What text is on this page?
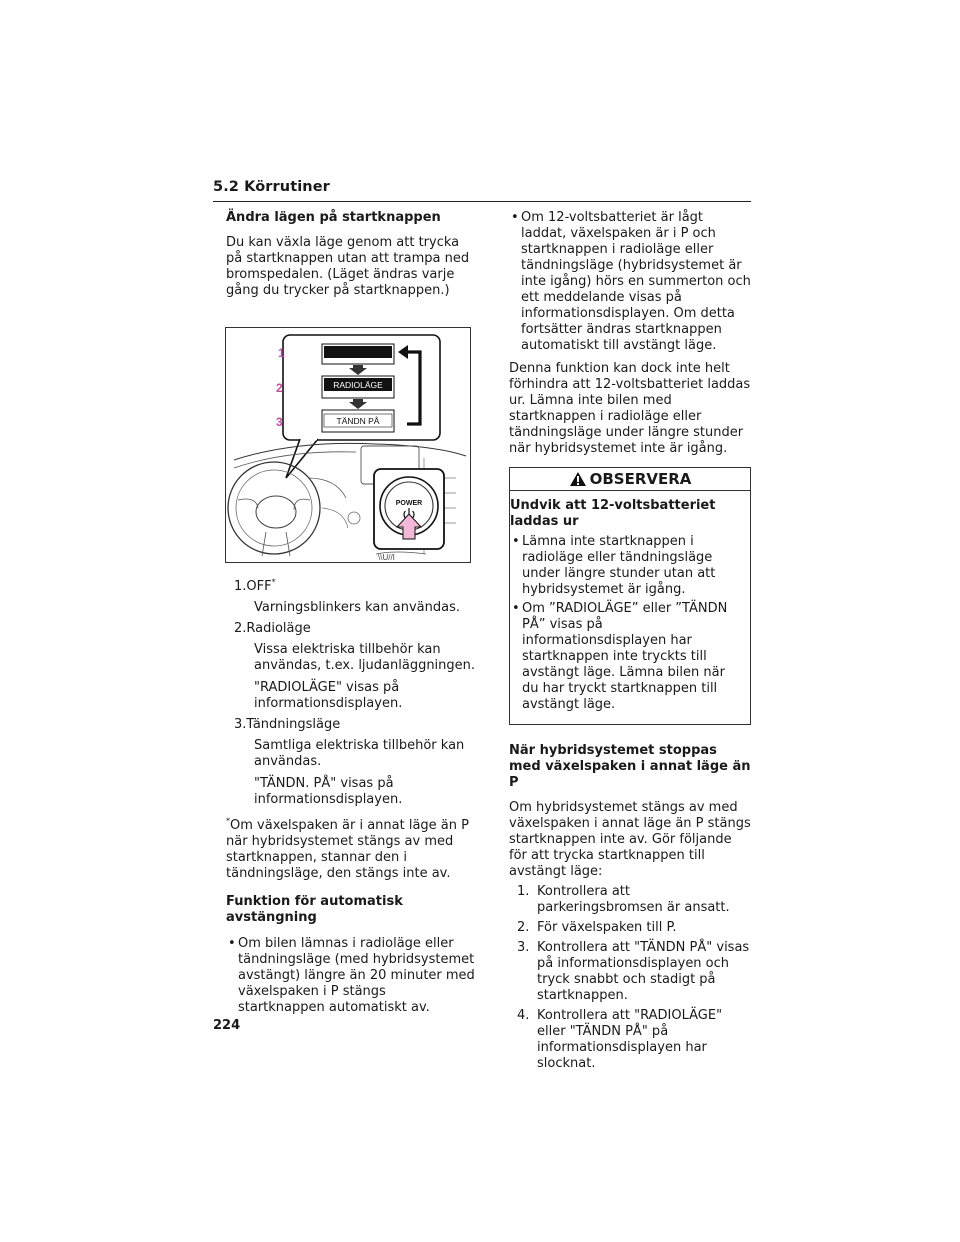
5.2 Körrutiner
Ändra lägen på startknappen
Du kan växla läge genom att trycka på startknappen utan att trampa ned bromspedalen. (Läget ändras varje gång du trycker på startknappen.)
RADIOLÄGE
TÄNDN PÅ
1
2
3
\\U//I
POWER
1.OFF*
Varningsblinkers kan användas.
2.Radioläge
Vissa elektriska tillbehör kan användas, t.ex. ljudanläggningen.
"RADIOLÄGE" visas på informationsdisplayen.
3.Tändningsläge
Samtliga elektriska tillbehör kan användas.
"TÄNDN. PÅ" visas på informationsdisplayen.
*Om växelspaken är i annat läge än P när hybridsystemet stängs av med startknappen, stannar den i tändningsläge, den stängs inte av.
Funktion för automatisk avstängning
• Om bilen lämnas i radioläge eller tändningsläge (med hybridsystemet avstängt) längre än 20 minuter med växelspaken i P stängs startknappen automatiskt av.
• Om 12-voltsbatteriet är lågt laddat, växelspaken är i P och startknappen i radioläge eller tändningsläge (hybridsystemet är inte igång) hörs en summerton och ett meddelande visas på informationsdisplayen. Om detta fortsätter ändras startknappen automatiskt till avstängt läge.
Denna funktion kan dock inte helt förhindra att 12-voltsbatteriet laddas ur. Lämna inte bilen med startknappen i radioläge eller tändningsläge under längre stunder när hybridsystemet inte är igång.
OBSERVERA
Undvik att 12-voltsbatteriet laddas ur
• Lämna inte startknappen i radioläge eller tändningsläge under längre stunder utan att hybridsystemet är igång.
• Om ”RADIOLÄGE” eller ”TÄNDN PÅ” visas på informationsdisplayen har startknappen inte tryckts till avstängt läge. Lämna bilen när du har tryckt startknappen till avstängt läge.
När hybridsystemet stoppas med växelspaken i annat läge än P
Om hybridsystemet stängs av med växelspaken i annat läge än P stängs startknappen inte av. Gör följande för att trycka startknappen till avstängt läge:
1. Kontrollera att parkeringsbromsen är ansatt.
2. För växelspaken till P.
3. Kontrollera att "TÄNDN PÅ" visas på informationsdisplayen och tryck snabbt och stadigt på startknappen.
4. Kontrollera att "RADIOLÄGE" eller "TÄNDN PÅ" på informationsdisplayen har slocknat.
224
